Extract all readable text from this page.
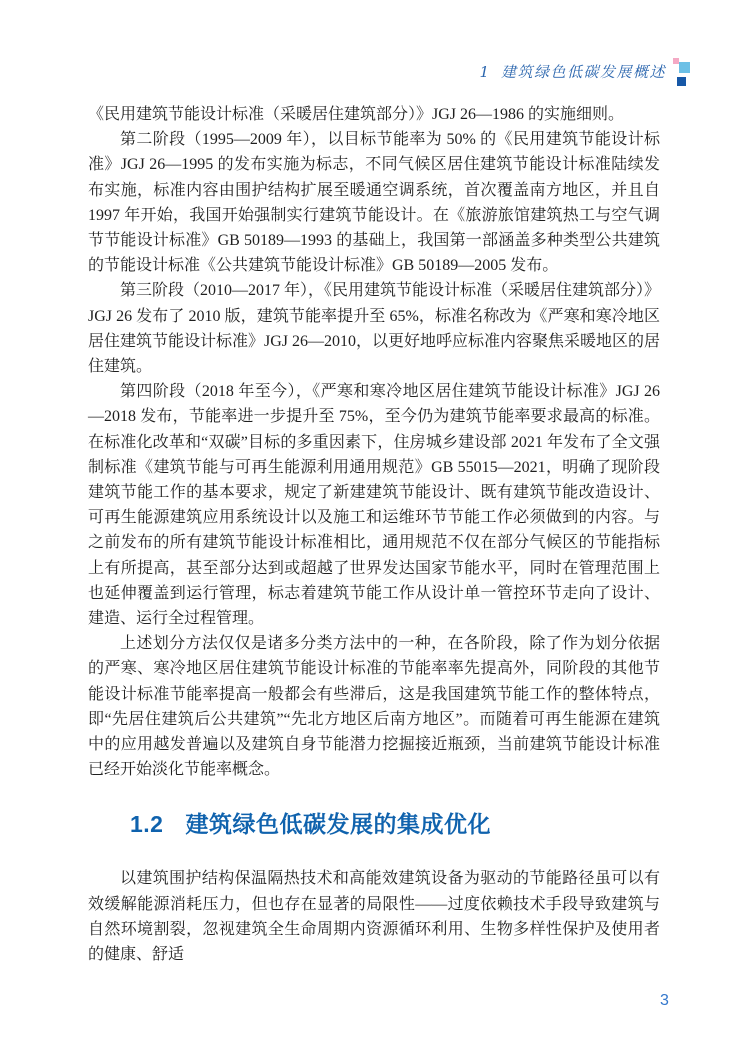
1 建筑绿色低碳发展概述

《民用建筑节能设计标准（采暖居住建筑部分）》JGJ 26—1986 的实施细则。

第二阶段（1995—2009 年），以目标节能率为 50% 的《民用建筑节能设计标准》JGJ 26—1995 的发布实施为标志，不同气候区居住建筑节能设计标准陆续发布实施，标准内容由围护结构扩展至暖通空调系统，首次覆盖南方地区，并且自 1997 年开始，我国开始强制实行建筑节能设计。在《旅游旅馆建筑热工与空气调节节能设计标准》GB 50189—1993 的基础上，我国第一部涵盖多种类型公共建筑的节能设计标准《公共建筑节能设计标准》GB 50189—2005 发布。

第三阶段（2010—2017 年），《民用建筑节能设计标准（采暖居住建筑部分）》JGJ 26 发布了 2010 版，建筑节能率提升至 65%，标准名称改为《严寒和寒冷地区居住建筑节能设计标准》JGJ 26—2010，以更好地呼应标准内容聚焦采暖地区的居住建筑。

第四阶段（2018 年至今），《严寒和寒冷地区居住建筑节能设计标准》JGJ 26—2018 发布，节能率进一步提升至 75%，至今仍为建筑节能率要求最高的标准。在标准化改革和“双碳”目标的多重因素下，住房城乡建设部 2021 年发布了全文强制标准《建筑节能与可再生能源利用通用规范》GB 55015—2021，明确了现阶段建筑节能工作的基本要求，规定了新建建筑节能设计、既有建筑节能改造设计、可再生能源建筑应用系统设计以及施工和运维环节节能工作必须做到的内容。与之前发布的所有建筑节能设计标准相比，通用规范不仅在部分气候区的节能指标上有所提高，甚至部分达到或超越了世界发达国家节能水平，同时在管理范围上也延伸覆盖到运行管理，标志着建筑节能工作从设计单一管控环节走向了设计、建造、运行全过程管理。

上述划分方法仅仅是诸多分类方法中的一种，在各阶段，除了作为划分依据的严寒、寒冷地区居住建筑节能设计标准的节能率率先提高外，同阶段的其他节能设计标准节能率提高一般都会有些滞后，这是我国建筑节能工作的整体特点，即“先居住建筑后公共建筑”“先北方地区后南方地区”。而随着可再生能源在建筑中的应用越发普遍以及建筑自身节能潜力挖掘接近瓶颈，当前建筑节能设计标准已经开始淡化节能率概念。

1.2 建筑绿色低碳发展的集成优化

以建筑围护结构保温隔热技术和高能效建筑设备为驱动的节能路径虽可以有效缓解能源消耗压力，但也存在显著的局限性——过度依赖技术手段导致建筑与自然环境割裂，忽视建筑全生命周期内资源循环利用、生物多样性保护及使用者的健康、舒适

3
